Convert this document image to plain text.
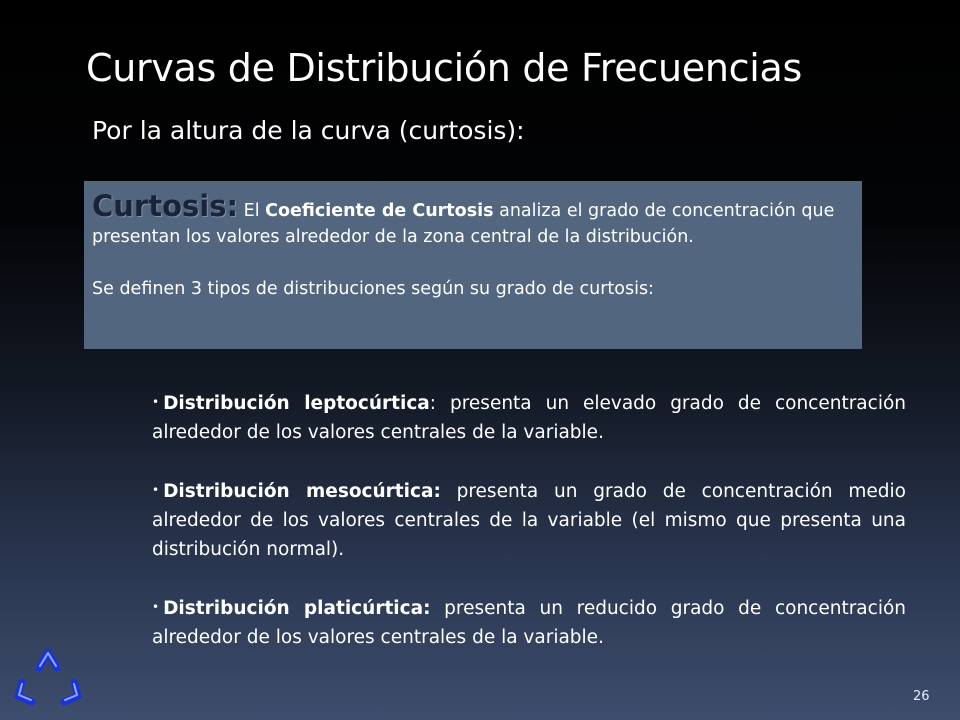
Curvas de Distribución de Frecuencias
Por la altura de la curva (curtosis):

Curtosis: El Coeficiente de Curtosis analiza el grado de concentración que presentan los valores alrededor de la zona central de la distribución.

Se definen 3 tipos de distribuciones según su grado de curtosis:

• Distribución leptocúrtica: presenta un elevado grado de concentración alrededor de los valores centrales de la variable.

• Distribución mesocúrtica: presenta un grado de concentración medio alrededor de los valores centrales de la variable (el mismo que presenta una distribución normal).

• Distribución platicúrtica: presenta un reducido grado de concentración alrededor de los valores centrales de la variable.

26
